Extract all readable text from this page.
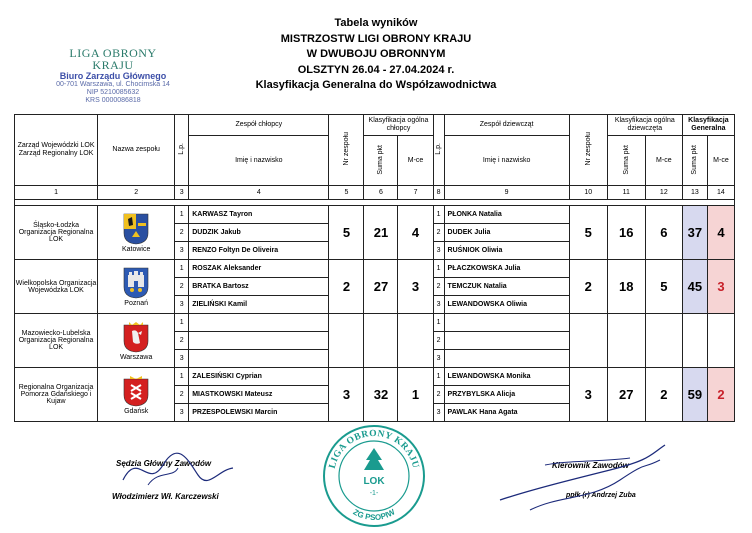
Tabela wyników
MISTRZOSTW LIGI OBRONY KRAJU
W DWUBOJU OBRONNYM
OLSZTYN 26.04 - 27.04.2024 r.
Klasyfikacja Generalna do Współzawodnictwa
LIGA OBRONY KRAJU
Biuro Zarządu Głównego
00-701 Warszawa, ul. Chocimska 14
NIP 5210085632
KRS 0000086818
Zarząd Wojewódzki LOK Zarząd Regionalny LOK	Nazwa zespołu	L.p.	Zespół chłopcy	Nr zespołu	Klasyfikacja ogólna chłopcy		L.p.	Zespół dziewcząt	Nr zespołu	Klasyfikacja ogólna dziewczęta		Klasyfikacja Generalna	
			Imię i nazwisko		Suma pkt	M-ce		Imię i nazwisko		Suma pkt	M-ce	Suma pkt	M-ce
1	2	3	4	5	6	7	8	9	10	11	12	13	14

Śląsko-Łodzka Organizacja Regionalna LOK	Katowice	1	KARWASZ Tayron	5	21	4	1	PŁONKA Natalia	5	16	6	37	4
		2	DUDZIK Jakub				2	DUDEK Julia					
		3	RENZO Foltyn De Oliveira				3	RUŚNIOK Oliwia					
Wielkopolska Organizacja Wojewódzka LOK	Poznań	1	ROSZAK Aleksander	2	27	3	1	PŁACZKOWSKA Julia	2	18	5	45	3
		2	BRATKA Bartosz				2	TEMCZUK Natalia					
		3	ZIELIŃSKI Kamil				3	LEWANDOWSKA Oliwia					
Mazowiecko-Lubelska Organizacja Regionalna LOK	Warszawa	1					1						
		2					2						
		3					3						
Regionalna Organizacja Pomorza Gdańskiego i Kujaw	Gdańsk	1	ZALESIŃSKI Cyprian	3	32	1	1	LEWANDOWSKA Monika	3	27	2	59	2
		2	MIASTKOWSKI Mateusz				2	PRZYBYLSKA Alicja					
		3	PRZESPOLEWSKI Marcin				3	PAWLAK Hana Agata					
Sędzia Główny Zawodów
Włodzimierz Wł. Karczewski
Kierownik Zawodów
ppłk (r) Andrzej Zuba
LIGA OBRONY KRAJU
ZG PSOPIW
LOK
-1-
